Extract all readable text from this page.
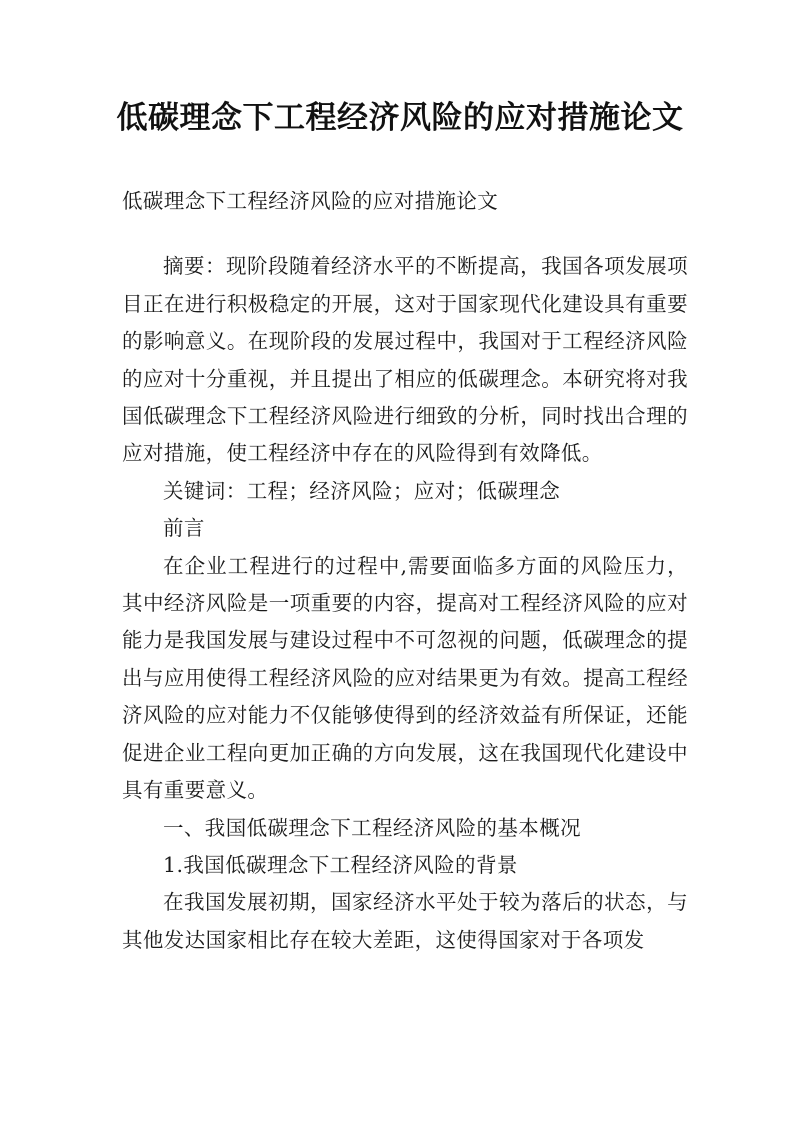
低碳理念下工程经济风险的应对措施论文

低碳理念下工程经济风险的应对措施论文

摘要：现阶段随着经济水平的不断提高，我国各项发展项目正在进行积极稳定的开展，这对于国家现代化建设具有重要的影响意义。在现阶段的发展过程中，我国对于工程经济风险的应对十分重视，并且提出了相应的低碳理念。本研究将对我国低碳理念下工程经济风险进行细致的分析，同时找出合理的应对措施，使工程经济中存在的风险得到有效降低。

关键词：工程；经济风险；应对；低碳理念

前言

在企业工程进行的过程中,需要面临多方面的风险压力，其中经济风险是一项重要的内容，提高对工程经济风险的应对能力是我国发展与建设过程中不可忽视的问题，低碳理念的提出与应用使得工程经济风险的应对结果更为有效。提高工程经济风险的应对能力不仅能够使得到的经济效益有所保证，还能促进企业工程向更加正确的方向发展，这在我国现代化建设中具有重要意义。

一、我国低碳理念下工程经济风险的基本概况

1.我国低碳理念下工程经济风险的背景

在我国发展初期，国家经济水平处于较为落后的状态，与其他发达国家相比存在较大差距，这使得国家对于各项发
